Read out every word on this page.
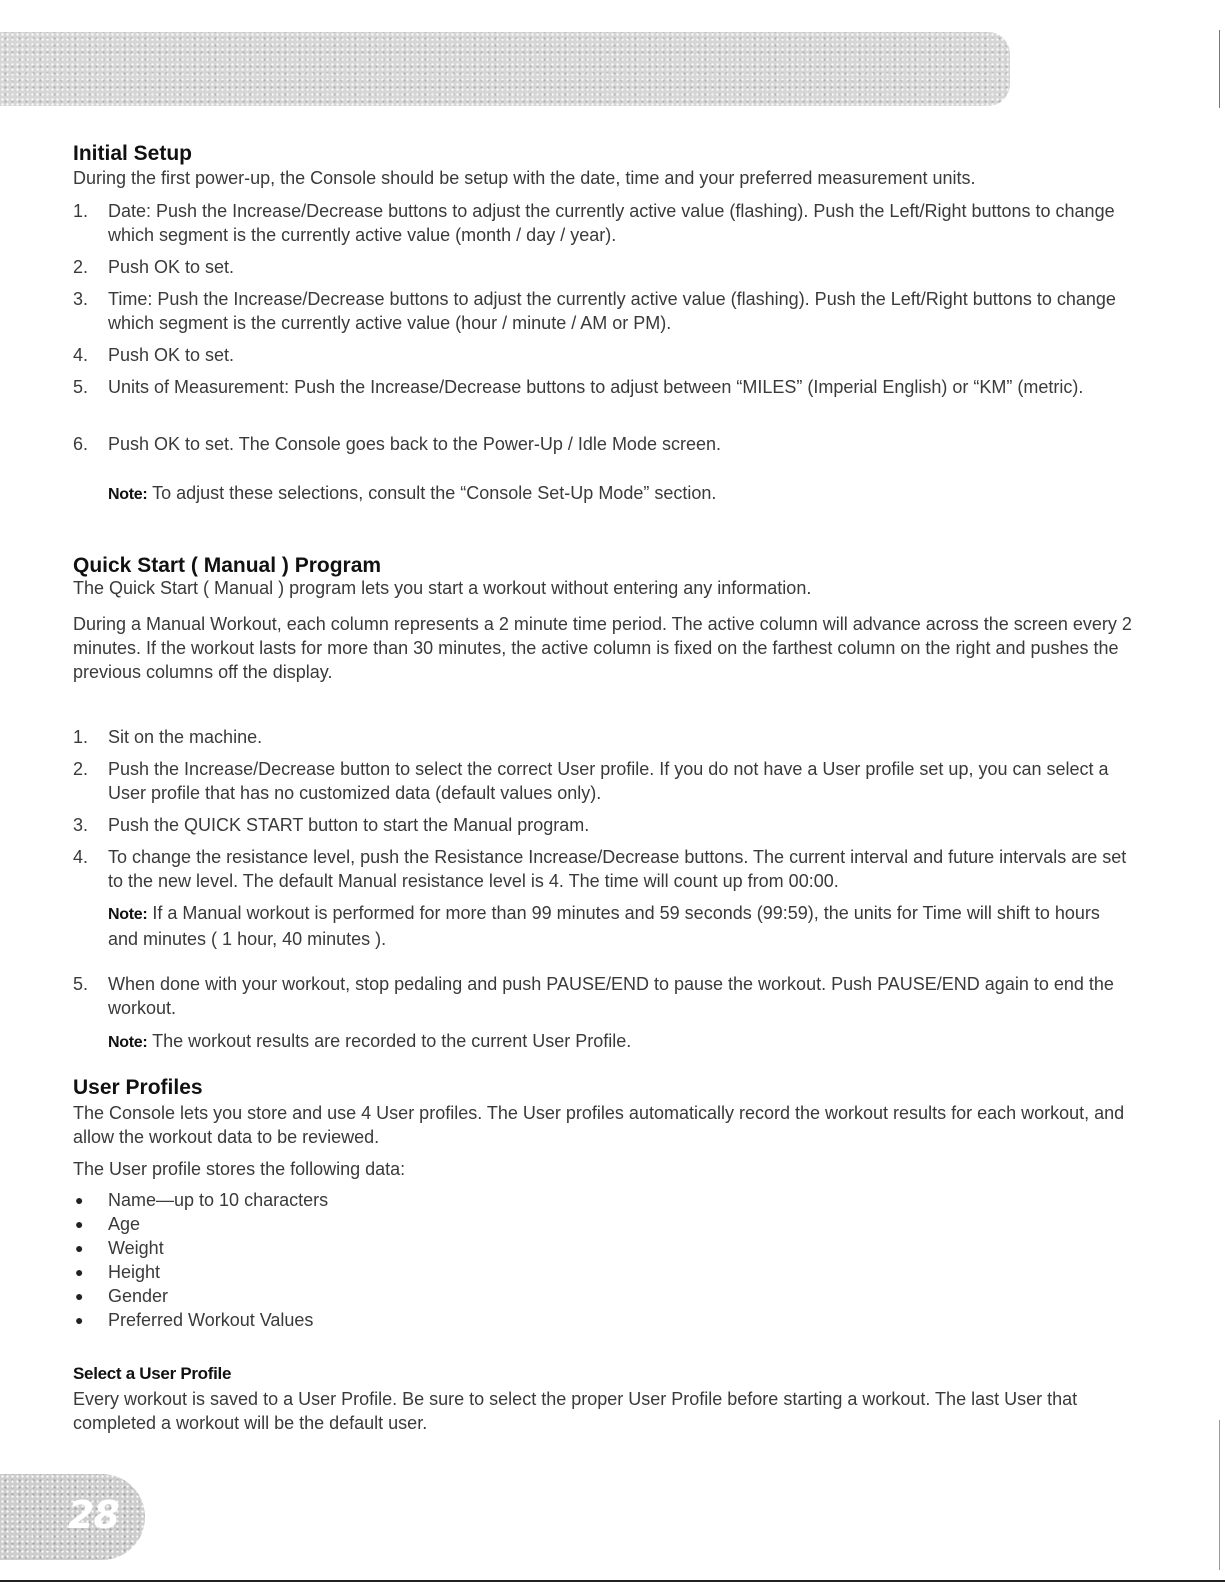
Initial Setup

During the first power-up, the Console should be setup with the date, time and your preferred measurement units.

1. Date: Push the Increase/Decrease buttons to adjust the currently active value (flashing). Push the Left/Right buttons to change which segment is the currently active value (month / day / year).

2. Push OK to set.

3. Time: Push the Increase/Decrease buttons to adjust the currently active value (flashing). Push the Left/Right buttons to change which segment is the currently active value (hour / minute / AM or PM).

4. Push OK to set.

5. Units of Measurement: Push the Increase/Decrease buttons to adjust between “MILES” (Imperial English) or “KM” (metric).

6. Push OK to set. The Console goes back to the Power-Up / Idle Mode screen.

Note: To adjust these selections, consult the “Console Set-Up Mode” section.

Quick Start ( Manual ) Program

The Quick Start ( Manual ) program lets you start a workout without entering any information.

During a Manual Workout, each column represents a 2 minute time period. The active column will advance across the screen every 2 minutes. If the workout lasts for more than 30 minutes, the active column is fixed on the farthest column on the right and pushes the previous columns off the display.

1. Sit on the machine.

2. Push the Increase/Decrease button to select the correct User profile. If you do not have a User profile set up, you can select a User profile that has no customized data (default values only).

3. Push the QUICK START button to start the Manual program.

4. To change the resistance level, push the Resistance Increase/Decrease buttons. The current interval and future intervals are set to the new level. The default Manual resistance level is 4. The time will count up from 00:00.

Note: If a Manual workout is performed for more than 99 minutes and 59 seconds (99:59), the units for Time will shift to hours and minutes ( 1 hour, 40 minutes ).

5. When done with your workout, stop pedaling and push PAUSE/END to pause the workout. Push PAUSE/END again to end the workout.

Note: The workout results are recorded to the current User Profile.

User Profiles

The Console lets you store and use 4 User profiles. The User profiles automatically record the workout results for each workout, and allow the workout data to be reviewed.

The User profile stores the following data:

● Name—up to 10 characters
● Age
● Weight
● Height
● Gender
● Preferred Workout Values
Select a User Profile

Every workout is saved to a User Profile. Be sure to select the proper User Profile before starting a workout. The last User that completed a workout will be the default user.

28
